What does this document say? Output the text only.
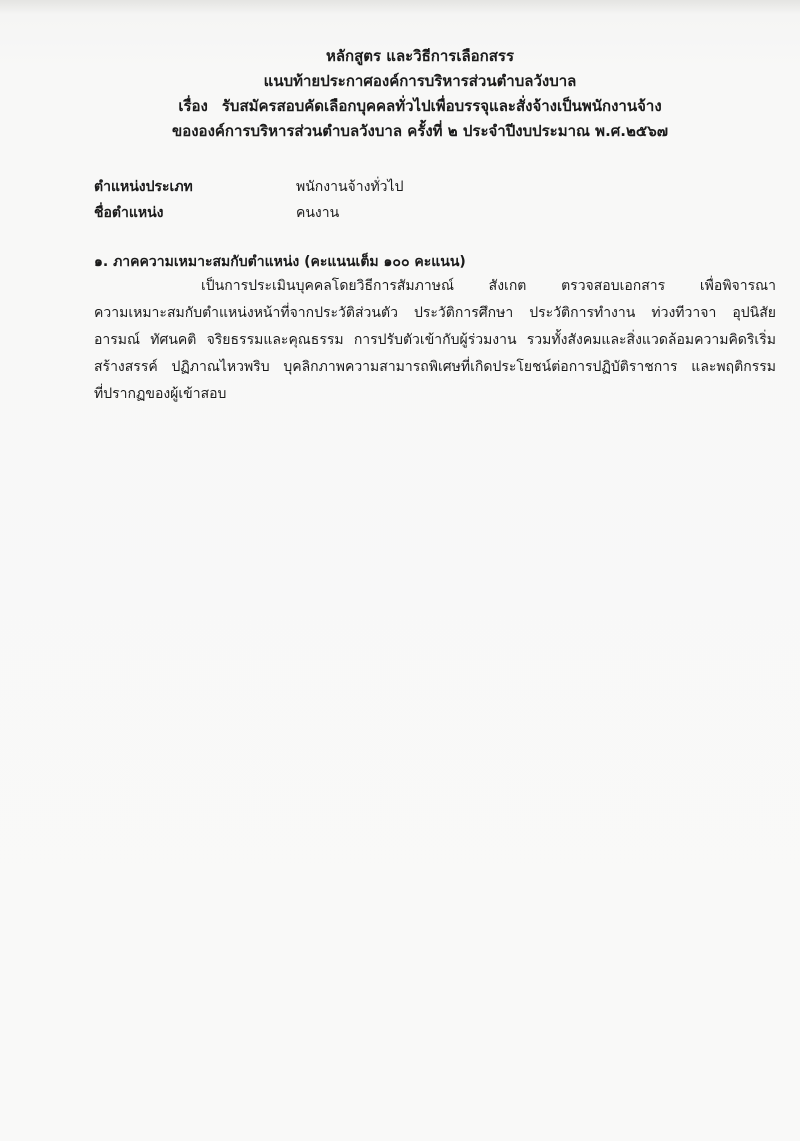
หลักสูตร และวิธีการเลือกสรร
แนบท้ายประกาศองค์การบริหารส่วนตำบลวังบาล
เรื่อง รับสมัครสอบคัดเลือกบุคคลทั่วไปเพื่อบรรจุและสั่งจ้างเป็นพนักงานจ้าง
ขององค์การบริหารส่วนตำบลวังบาล ครั้งที่ ๒ ประจำปีงบประมาณ พ.ศ.๒๕๖๗
ตำแหน่งประเภท	พนักงานจ้างทั่วไป
ชื่อตำแหน่ง	คนงาน
๑. ภาคความเหมาะสมกับตำแหน่ง (คะแนนเต็ม ๑๐๐ คะแนน)
เป็นการประเมินบุคคลโดยวิธีการสัมภาษณ์ สังเกต ตรวจสอบเอกสาร เพื่อพิจารณา
ความเหมาะสมกับตำแหน่งหน้าที่จากประวัติส่วนตัว ประวัติการศึกษา ประวัติการทำงาน ท่วงทีวาจา อุปนิสัย
อารมณ์ ทัศนคติ จริยธรรมและคุณธรรม การปรับตัวเข้ากับผู้ร่วมงาน รวมทั้งสังคมและสิ่งแวดล้อมความคิดริเริ่ม
สร้างสรรค์ ปฏิภาณไหวพริบ บุคลิกภาพความสามารถพิเศษที่เกิดประโยชน์ต่อการปฏิบัติราชการ และพฤติกรรม
ที่ปรากฏของผู้เข้าสอบ
